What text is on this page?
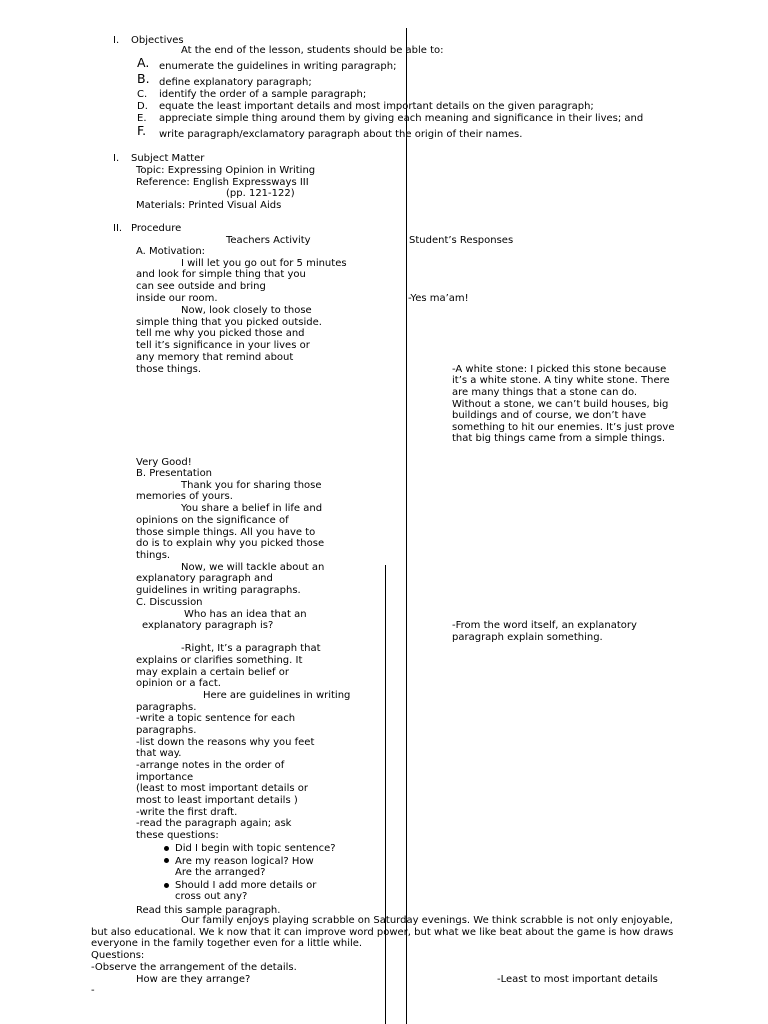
I. Objectives
At the end of the lesson, students should be able to:
A. enumerate the guidelines in writing paragraph;
B. define explanatory paragraph;
C. identify the order of a sample paragraph;
D. equate the least important details and most important details on the given paragraph;
E. appreciate simple thing around them by giving each meaning and significance in their lives; and
F. write paragraph/exclamatory paragraph about the origin of their names.
I. Subject Matter
Topic: Expressing Opinion in Writing
Reference: English Expressways III
(pp. 121-122)
Materials: Printed Visual Aids
II. Procedure
Teachers Activity	Student’s Responses
A. Motivation:
I will let you go out for 5 minutes
and look for simple thing that you
can see outside and bring
inside our room.	-Yes ma’am!
Now, look closely to those
simple thing that you picked outside.
tell me why you picked those and
tell it’s significance in your lives or
any memory that remind about
those things.	-A white stone: I picked this stone because
it’s a white stone. A tiny white stone. There
are many things that a stone can do.
Without a stone, we can’t build houses, big
buildings and of course, we don’t have
something to hit our enemies. It’s just prove
that big things came from a simple things.
Very Good!
B. Presentation
Thank you for sharing those
memories of yours.
You share a belief in life and
opinions on the significance of
those simple things. All you have to
do is to explain why you picked those
things.
Now, we will tackle about an
explanatory paragraph and
guidelines in writing paragraphs.
C. Discussion
Who has an idea that an
explanatory paragraph is?	-From the word itself, an explanatory
paragraph explain something.
-Right, It’s a paragraph that
explains or clarifies something. It
may explain a certain belief or
opinion or a fact.
Here are guidelines in writing
paragraphs.
-write a topic sentence for each
paragraphs.
-list down the reasons why you feet
that way.
-arrange notes in the order of
importance
(least to most important details or
most to least important details )
-write the first draft.
-read the paragraph again; ask
these questions:
Did I begin with topic sentence?
Are my reason logical? How
Are the arranged?
Should I add more details or
cross out any?
Read this sample paragraph.
Our family enjoys playing scrabble on Saturday evenings. We think scrabble is not only enjoyable,
but also educational. We k now that it can improve word power, but what we like beat about the game is how draws
everyone in the family together even for a little while.
Questions:
-Observe the arrangement of the details.
How are they arrange?	-Least to most important details
-
